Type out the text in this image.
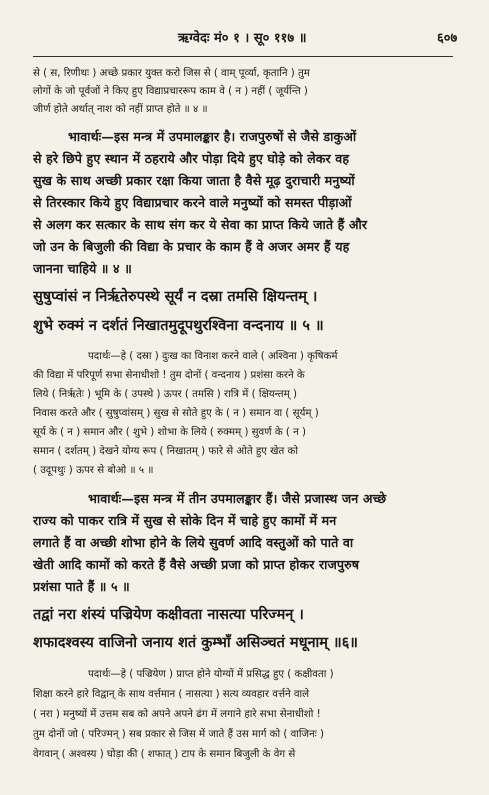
ऋग्वेदः मं० १ । सू० ११७ ॥	६०७
से ( स, रिणीथः ) अच्छे प्रकार युक्त करो जिस से ( वाम् पूर्व्या, कृतानि ) तुम
लोगों के जो पूर्वजों ने किए हुए विद्याप्रचाररूप काम वे ( न ) नहीं ( जूर्यन्ति )
जीर्ण होते अर्थात् नाश को नहीं प्राप्त होते ॥ ४ ॥
भावार्थः—इस मन्त्र में उपमालङ्कार है। राजपुरुषों से जैसे डाकुओं
से हरे छिपे हुए स्थान में ठहराये और पोड़ा दिये हुए घोड़े को लेकर वह
सुख के साथ अच्छी प्रकार रक्षा किया जाता है वैसे मूढ़ दुराचारी मनुष्यों
से तिरस्कार किये हुए विद्याप्रचार करने वाले मनुष्यों को समस्त पीड़ाओं
से अलग कर सत्कार के साथ संग कर ये सेवा का प्राप्त किये जाते हैं और
जो उन के बिजुली की विद्या के प्रचार के काम हैं वे अजर अमर हैं यह
जानना चाहिये ॥ ४ ॥
सुषुप्वांसं न निर्ऋतेरुपस्थे सूर्यं न दस्रा तमसि क्षियन्तम् ।
शुभे रुक्मं न दर्शतं निखातमुदूपथुरश्विना वन्दनाय ॥ ५ ॥
पदार्थः—हे ( दस्रा ) दुःख का विनाश करने वाले ( अश्विना ) कृषिकर्म
की विद्या में परिपूर्ण सभा सेनाधीशो ! तुम दोनों ( वन्दनाय ) प्रशंसा करने के
लिये ( निर्ऋतेः ) भूमि के ( उपस्थे ) ऊपर ( तमसि ) रात्रि में ( क्षियन्तम् )
निवास करते और ( सुषुप्वांसम् ) सुख से सोते हुए के ( न ) समान वा ( सूर्यम् )
सूर्य के ( न ) समान और ( शुभे ) शोभा के लिये ( रुक्मम् ) सुवर्ण के ( न )
समान ( दर्शतम् ) देखने योग्य रूप ( निखातम् ) फारे से ओते हुए खेत को
( उदूपथुः ) ऊपर से बोओ ॥ ५ ॥
भावार्थः—इस मन्त्र में तीन उपमालङ्कार हैं। जैसे प्रजास्थ जन अच्छे
राज्य को पाकर रात्रि में सुख से सोके दिन में चाहे हुए कामों में मन
लगाते हैं वा अच्छी शोभा होने के लिये सुवर्ण आदि वस्तुओं को पाते वा
खेती आदि कामों को करते हैं वैसे अच्छी प्रजा को प्राप्त होकर राजपुरुष
प्रशंसा पाते हैं ॥ ५ ॥
तद्वां नरा शंस्यं पज्रियेण कक्षीवता नासत्या परिज्मन् ।
शफादश्वस्य वाजिनो जनाय शतं कुम्भाँ असिञ्चतं मधूनाम् ॥६॥
पदार्थः—हे ( पज्रियेण ) प्राप्त होने योग्यों में प्रसिद्ध हुए ( कक्षीवता )
शिक्षा करने हारे विद्वान् के साथ वर्त्तमान ( नासत्या ) सत्य व्यवहार वर्त्तने वाले
( नरा ) मनुष्यों में उत्तम सब को अपने अपने ढंग में लगाने हारे सभा सेनाधीशो !
तुम दोनों जो ( परिज्मन् ) सब प्रकार से जिस में जाते हैं उस मार्ग को ( वाजिनः )
वेगवान् ( अश्वस्य ) घोड़ा की ( शफात् ) टाप के समान बिजुली के वेग से
